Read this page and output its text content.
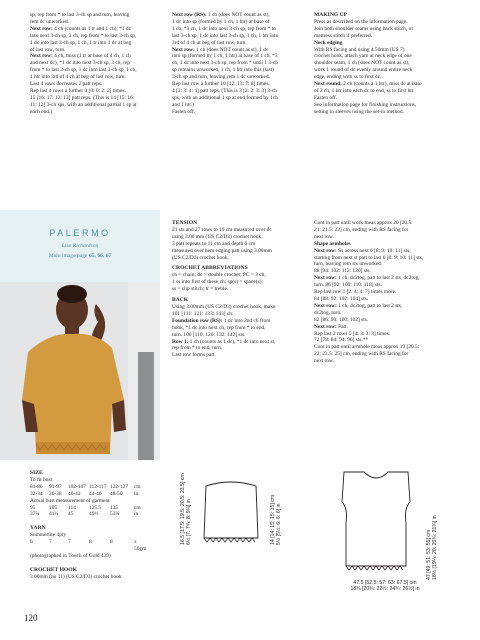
sp, rep from * to last 3-ch sp and turn, leaving

rem dc unworked.

Next row: 4 ch (counts as 1 tr and 1 ch), *1 dc

into next 3-ch sp, 3 ch, rep from * to last 3-ch sp,

1 dc into last 3-ch sp, 1 ch, 1 tr into 1 dc at beg

of last row, turn.

Next row: 4 ch, miss (1 tr at base of 4 ch, 1 ch

and next dc), *1 dc into next 3-ch sp, 3 ch, rep

from * to last 3-ch sp, 1 dc into last 3-ch sp, 1 ch,

1 htr into 3rd of 4 ch at beg of last row, turn.

Last 4 rows decreases 2 patt reps.

Rep last 4 rows a further 0 [0: 0: 2: 2] times.

15 [16: 17: 12: 13] patt reps. (This is 14 [15: 16:

11: 12] 3-ch sps, with an additional partial 1 sp at

each end.)

Next row (RS): 1 ch (does NOT count as st),

1 dc into sp (formed by 1 ch, 1 htr) at base of

1 ch, *3 ch, 1 dc into next 3-ch sp, rep from * to

last 3-ch sp, 1 dc into last 3-ch sp, 1 ch, 1 htr into

3rd of 4 ch at beg of last row, turn.

Next row: 1 ch (does NOT count as st), 1 dc

into sp (formed by 1 ch, 1 htr) at base of 1 ch, *3

ch, 1 dc into next 3-ch sp, rep from * until 1 3-ch

sp remains unworked, 1 ch, 1 htr into this (last)

3-ch sp and turn, leaving rem 1 dc unworked.

Rep last row a further 10 [12: 13: 7: 8] times.

4 [3: 3: 4: 4] patt reps. (This is 3 [2: 2: 3: 3] 3-ch

sps, with an additional 1 sp at end formed by 1ch

and 1 htr.)

Fasten off.

MAKING UP

Press as described on the information page.

Join both shoulder seams using back stitch, or

mattress stitch if preferred.

Neck edging

With RS facing and using 4.50mm (US 7)

crochet hook, attach yarn at neck edge of one

shoulder seam, 1 ch (does NOT count as st),

work 1 round of dc evenly around entire neck

edge, ending with ss to first dc.

Next round: 2 ch (counts a 1 htr), miss dc at base

of 2 ch, 1 htr into each dc to end, ss to first htr.

Fasten off.

See information page for finishing instructions,

setting in sleeves using the set-in method.

PALERMO
Lisa Richardson
Main image page 65, 66, 67

TENSION

21 sts and 27 rows to 10 cm measured over dc

using 3.00 mm (US C2/D3) crochet hook.

3 patt repeats to 11 cm and depth 6 cm

measured over hem edging patt using 3.00mm

(US C2/D3) crochet hook.

CROCHET ABBREVIATIONS

ch = chain; dc = double crochet; PC = 3 ch,

1 ss into first of these ch; sp(s) = space(s);

ss = slip stitch; tr = treble.

BACK

Using 3.00mm (US C2/D3) crochet hook, make

101 [111: 121: 133: 143] ch.

Foundation row (RS): 1 dc into 2nd ch from

hook, *1 dc into next ch, rep from * to end,

turn. 100 [110: 120: 132: 142] sts.

Row 1: 1 ch (counts as 1 dc), *1 dc into next st,

rep from * to end, turn.

Last row forms patt.

Cont in patt until work meas approx 20 [20.5:

21: 21.5: 22] cm, ending with RS facing for

next row.

Shape armholes

Next row: Ss across next 6 [8: 9: 10: 11] sts,

starting from next st patt to last 6 [8: 9: 10: 11] sts,

turn, leaving rem sts unworked.

88 [94: 102: 112: 120] sts.

Next row: 1 ch, dc2tog, patt to last 2 sts, dc2tog,

turn. 86 [92: 100: 110: 118] sts.

Rep last row 1 [2: 4: 4: 7] times more.

84 [88: 92: 102: 104] sts.

Next row: 1 ch, dc2tog, patt to last 2 sts,

dc2tog, turn.

82 [86: 90: 100: 102] sts.

Next row: Patt.

Rep last 2 rows 5 [4: 3: 3: 3] times.

72 [78: 84: 94: 96] sts.**

Cont in patt until armhole meas approx 19 [20.5:

22: 23.5: 25] cm, ending with RS facing for

next row.

SIZE

To fit bust

81-86	91-97	102-107 112-117 122-127	cm
32-34	36-38	40-42	44-46	48-50	in

Actual bust measurement of garment

95	105	114	125.5	135	cm
37¼	41¼	45	49½	53¼	in

YARN

Summerlite 4ply

6	7	7	8	8	x 50gm

(photographed in Touch of Gold 439)

CROCHET HOOK

3.00mm (no 11) (US C2/D3) crochet hook

16.5 [17.5: 19.5: 20.5: 23.5] cm 6½ [7: 7¾: 8: 9¼] in	14 [14: 15: 15: 15] cm 5½ [5½: 6: 6: 6] in
47 [49: 51: 53: 55] cm 18½ [19¼: 20: 20¾: 21¾] in
47.5 [52.5: 57: 63: 67.5] cm
18¾ [20¾: 22½: 24¾: 26½] in
120
